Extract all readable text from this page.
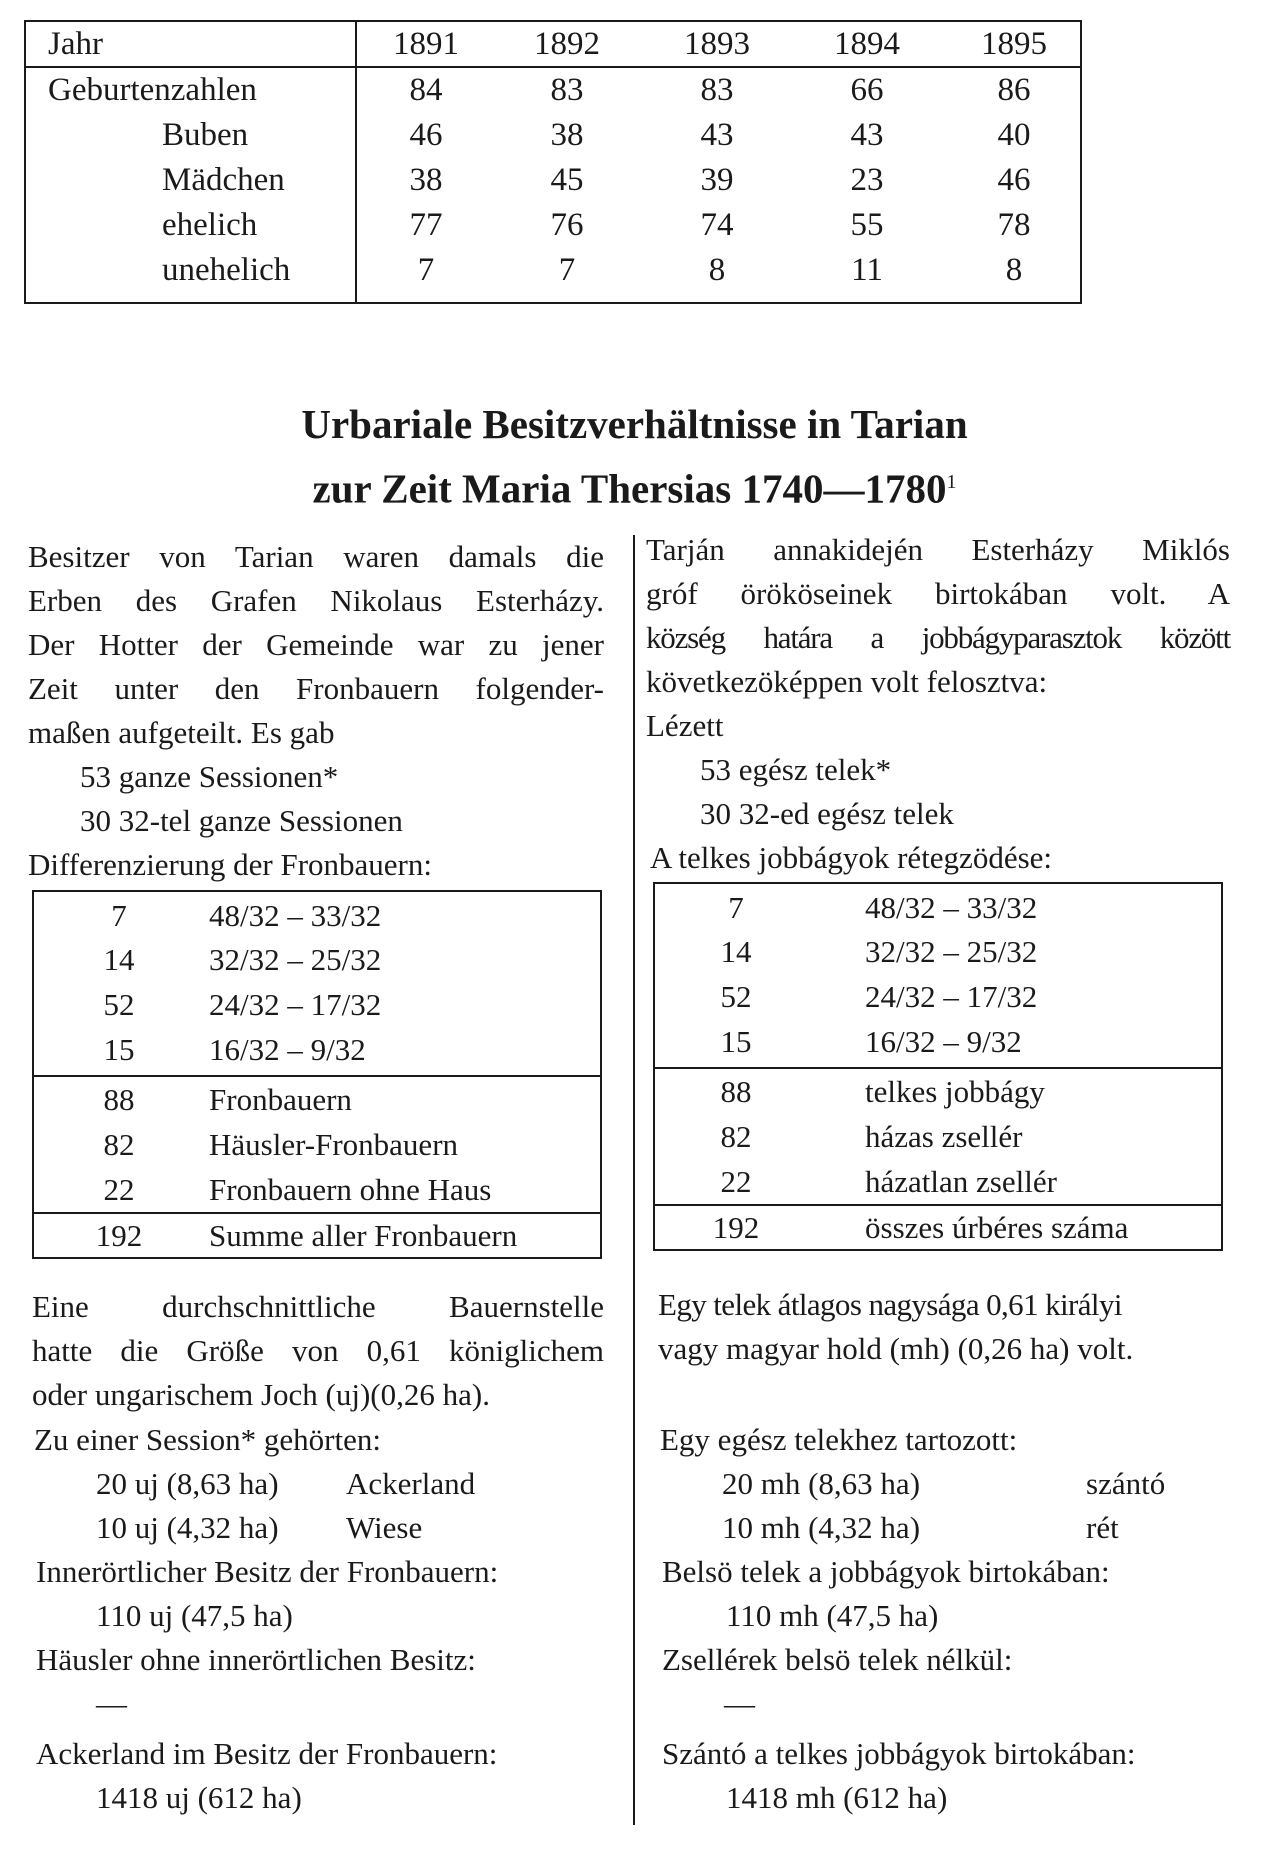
Jahr	1891	1892	1893	1894	1895
Geburtenzahlen	84	83	83	66	86
Buben	46	38	43	43	40
Mädchen	38	45	39	23	46
ehelich	77	76	74	55	78
unehelich	7	7	8	11	8
Urbariale Besitzverhältnisse in Tarian
zur Zeit Maria Thersias 1740—1780$^1$
Besitzer von Tarian waren damals die
Erben des Grafen Nikolaus Esterházy.
Der Hotter der Gemeinde war zu jener
Zeit unter den Fronbauern folgender-
maßen aufgeteilt. Es gab
53 ganze Sessionen*
30 32-tel ganze Sessionen
Differenzierung der Fronbauern:
7	48/32 – 33/32
14	32/32 – 25/32
52	24/32 – 17/32
15	16/32 – 9/32
88	Fronbauern
82	Häusler-Fronbauern
22	Fronbauern ohne Haus
192	Summe aller Fronbauern
Eine durchschnittliche Bauernstelle
hatte die Größe von 0,61 königlichem
oder ungarischem Joch (uj)(0,26 ha).
Zu einer Session* gehörten:
20 uj (8,63 ha) Ackerland
10 uj (4,32 ha) Wiese
Innerörtlicher Besitz der Fronbauern:
110 uj (47,5 ha)
Häusler ohne innerörtlichen Besitz:
—
Ackerland im Besitz der Fronbauern:
1418 uj (612 ha)
Tarján annakidején Esterházy Miklós
gróf örököseinek birtokában volt. A
község határa a jobbágyparasztok között
következöképpen volt felosztva:
Lézett
53 egész telek*
30 32-ed egész telek
A telkes jobbágyok rétegzödése:
7	48/32 – 33/32
14	32/32 – 25/32
52	24/32 – 17/32
15	16/32 – 9/32
88	telkes jobbágy
82	házas zsellér
22	házatlan zsellér
192	összes úrbéres száma
Egy telek átlagos nagysága 0,61 királyi
vagy magyar hold (mh) (0,26 ha) volt.
Egy egész telekhez tartozott:
20 mh (8,63 ha)	szántó
10 mh (4,32 ha)	rét
Belsö telek a jobbágyok birtokában:
110 mh (47,5 ha)
Zsellérek belsö telek nélkül:
—
Szántó a telkes jobbágyok birtokában:
1418 mh (612 ha)
